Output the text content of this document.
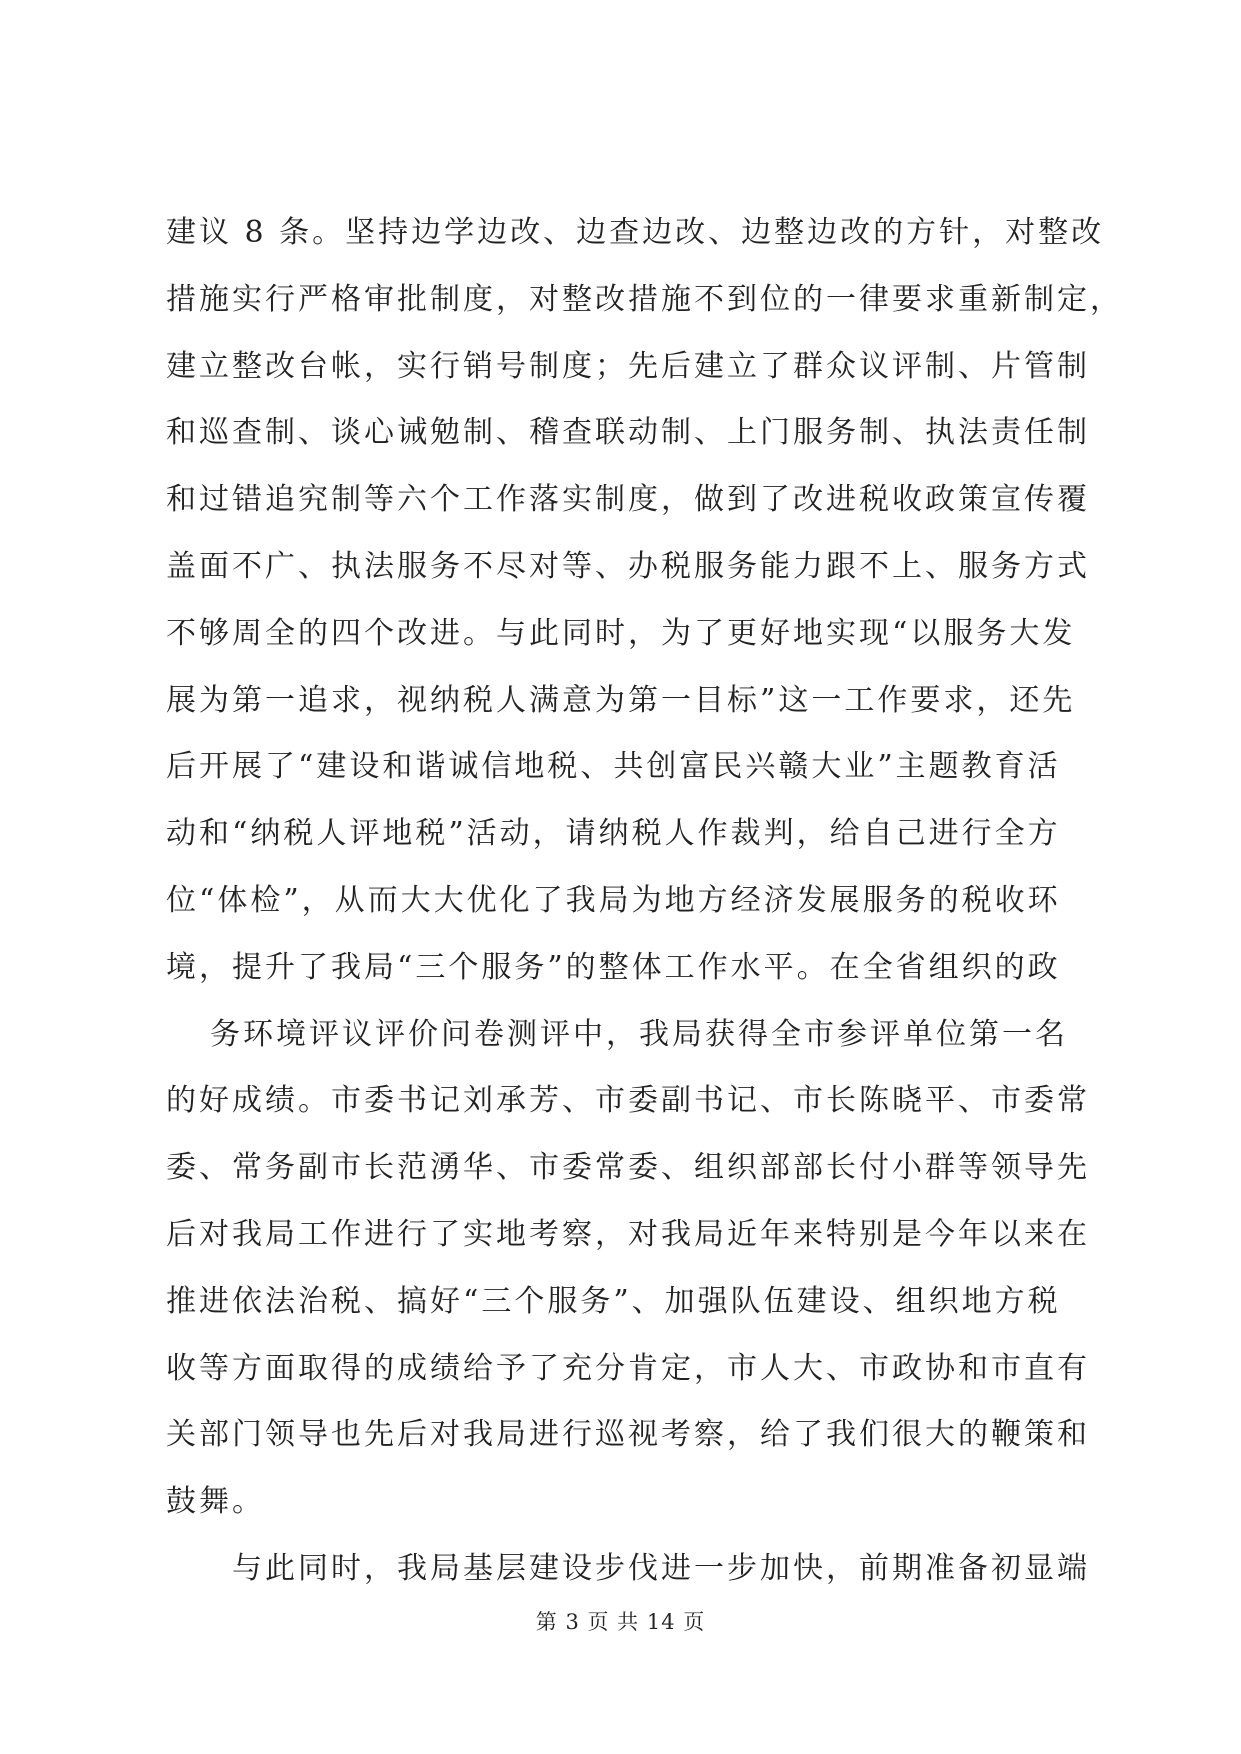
建议 8 条。坚持边学边改、边查边改、边整边改的方针，对整改
措施实行严格审批制度，对整改措施不到位的一律要求重新制定，
建立整改台帐，实行销号制度；先后建立了群众议评制、片管制
和巡查制、谈心诫勉制、稽查联动制、上门服务制、执法责任制
和过错追究制等六个工作落实制度，做到了改进税收政策宣传覆
盖面不广、执法服务不尽对等、办税服务能力跟不上、服务方式
不够周全的四个改进。与此同时，为了更好地实现“以服务大发
展为第一追求，视纳税人满意为第一目标”这一工作要求，还先
后开展了“建设和谐诚信地税、共创富民兴赣大业”主题教育活
动和“纳税人评地税”活动，请纳税人作裁判，给自己进行全方
位“体检”，从而大大优化了我局为地方经济发展服务的税收环
境，提升了我局“三个服务”的整体工作水平。在全省组织的政
务环境评议评价问卷测评中，我局获得全市参评单位第一名
的好成绩。市委书记刘承芳、市委副书记、市长陈晓平、市委常
委、常务副市长范湧华、市委常委、组织部部长付小群等领导先
后对我局工作进行了实地考察，对我局近年来特别是今年以来在
推进依法治税、搞好“三个服务”、加强队伍建设、组织地方税
收等方面取得的成绩给予了充分肯定，市人大、市政协和市直有
关部门领导也先后对我局进行巡视考察，给了我们很大的鞭策和
鼓舞。
与此同时，我局基层建设步伐进一步加快，前期准备初显端
第 3 页 共 14 页
